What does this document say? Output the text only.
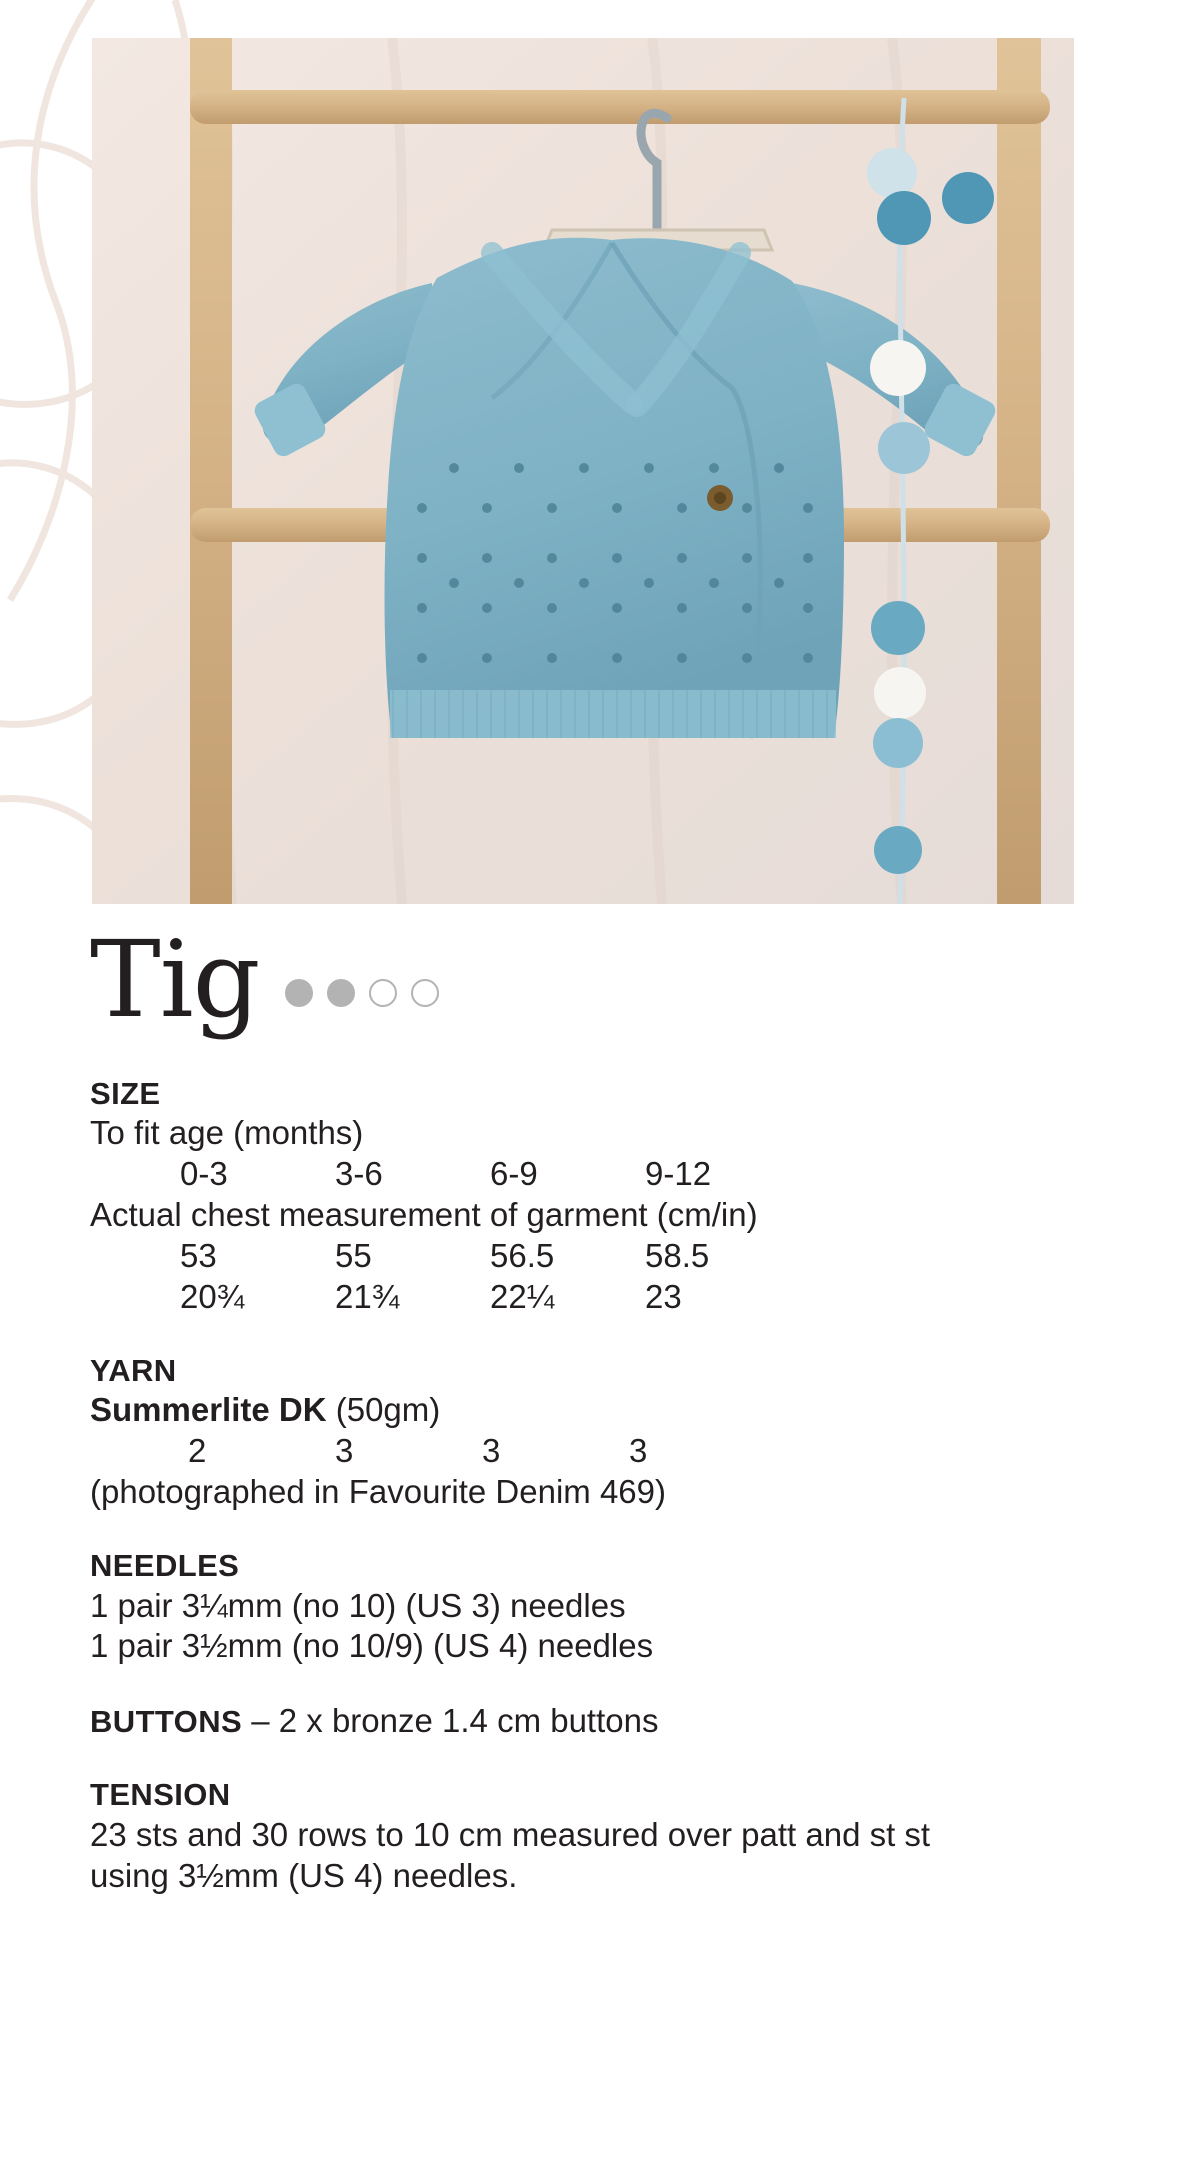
Tig
SIZE
To fit age (months)
0-3	3-6	6-9	9-12
Actual chest measurement of garment (cm/in)
53	55	56.5	58.5
20¾	21¾	22¼	23
YARN
Summerlite DK (50gm)
2	3	3	3
(photographed in Favourite Denim 469)
NEEDLES
1 pair 3¼mm (no 10) (US 3) needles
1 pair 3½mm (no 10/9) (US 4) needles
BUTTONS – 2 x bronze 1.4 cm buttons
TENSION
23 sts and 30 rows to 10 cm measured over patt and st st
using 3½mm (US 4) needles.
